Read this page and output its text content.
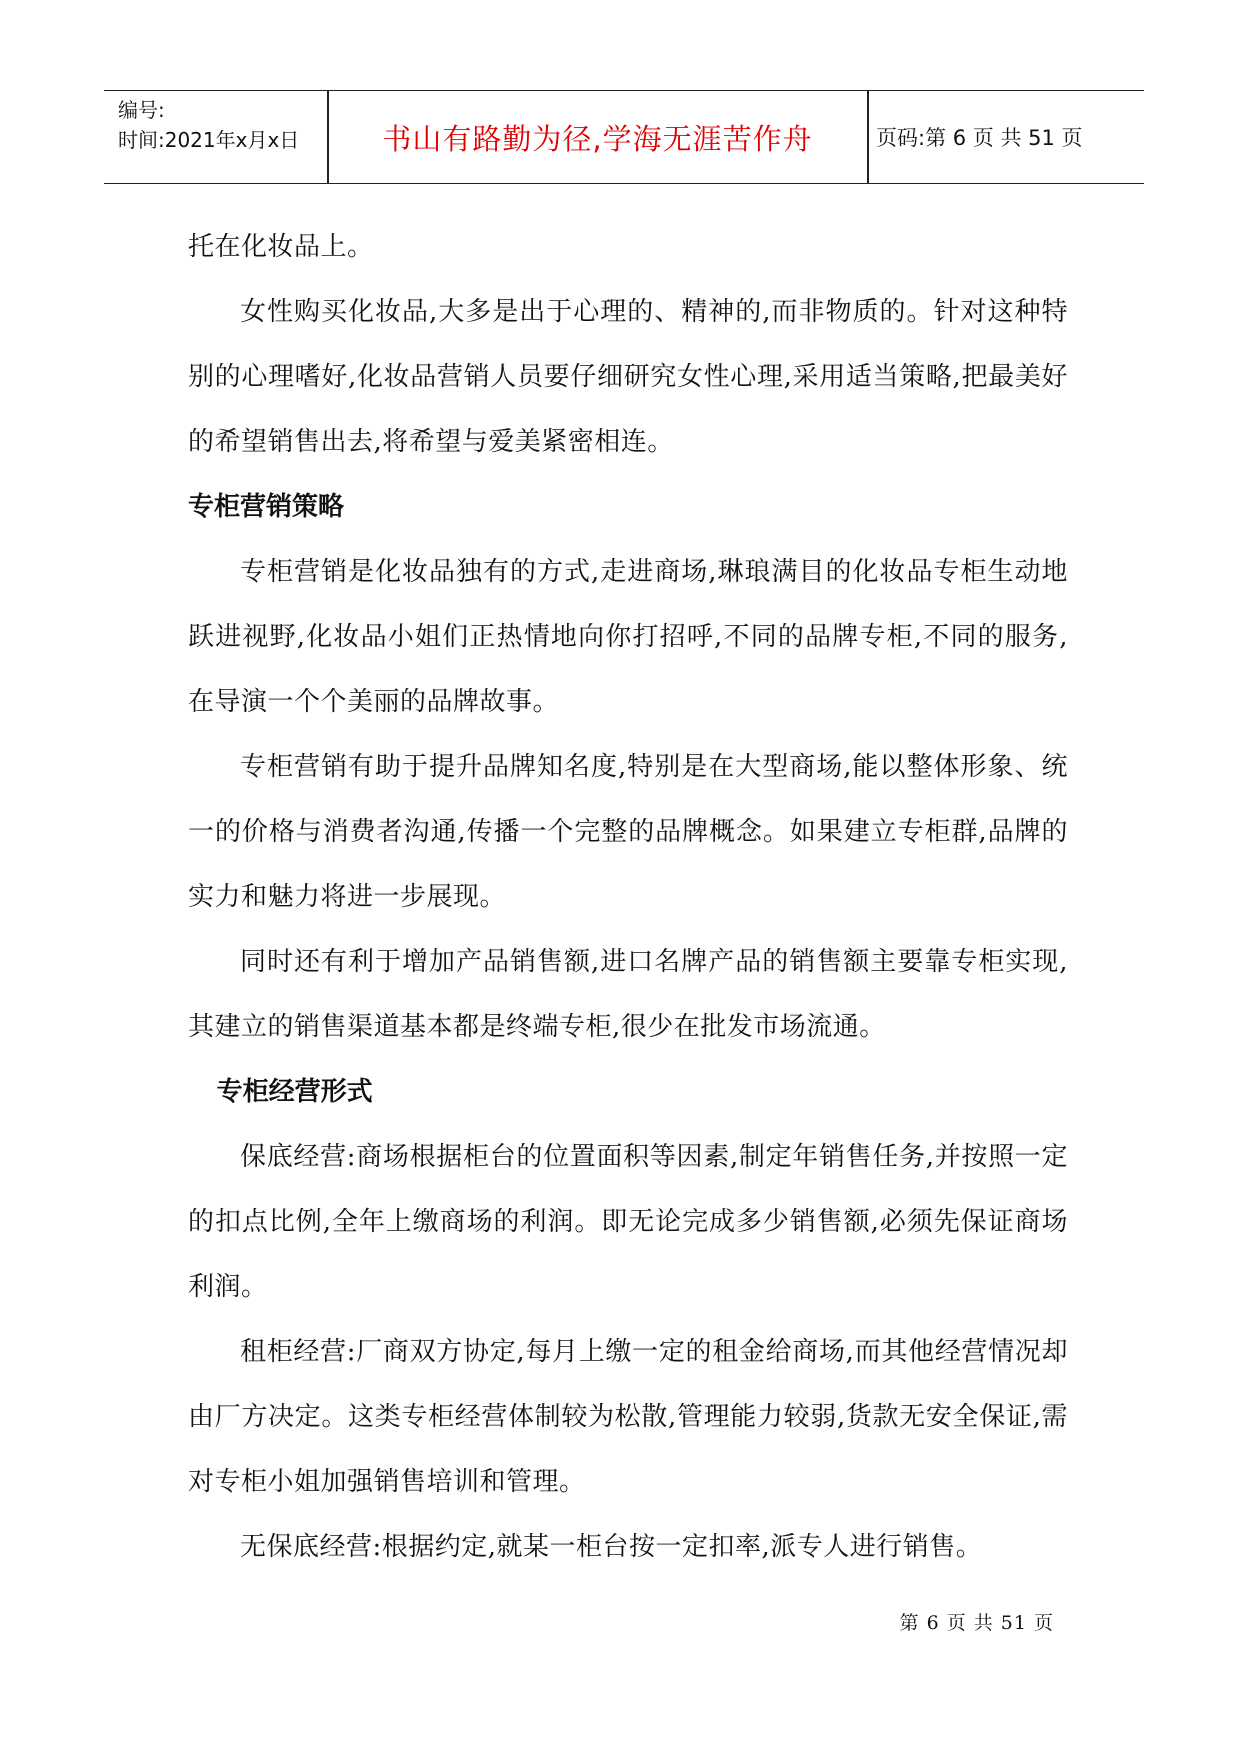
编号:
时间:2021年x月x日	书山有路勤为径,学海无涯苦作舟	页码:第 6 页 共 51 页

托在化妆品上。

女性购买化妆品,大多是出于心理的、精神的,而非物质的。针对这种特别的心理嗜好,化妆品营销人员要仔细研究女性心理,采用适当策略,把最美好的希望销售出去,将希望与爱美紧密相连。

专柜营销策略

专柜营销是化妆品独有的方式,走进商场,琳琅满目的化妆品专柜生动地跃进视野,化妆品小姐们正热情地向你打招呼,不同的品牌专柜,不同的服务,在导演一个个美丽的品牌故事。

专柜营销有助于提升品牌知名度,特别是在大型商场,能以整体形象、统一的价格与消费者沟通,传播一个完整的品牌概念。如果建立专柜群,品牌的实力和魅力将进一步展现。

同时还有利于增加产品销售额,进口名牌产品的销售额主要靠专柜实现,其建立的销售渠道基本都是终端专柜,很少在批发市场流通。

专柜经营形式

保底经营:商场根据柜台的位置面积等因素,制定年销售任务,并按照一定的扣点比例,全年上缴商场的利润。即无论完成多少销售额,必须先保证商场利润。

租柜经营:厂商双方协定,每月上缴一定的租金给商场,而其他经营情况却由厂方决定。这类专柜经营体制较为松散,管理能力较弱,货款无安全保证,需对专柜小姐加强销售培训和管理。

无保底经营:根据约定,就某一柜台按一定扣率,派专人进行销售。

第 6 页 共 51 页
